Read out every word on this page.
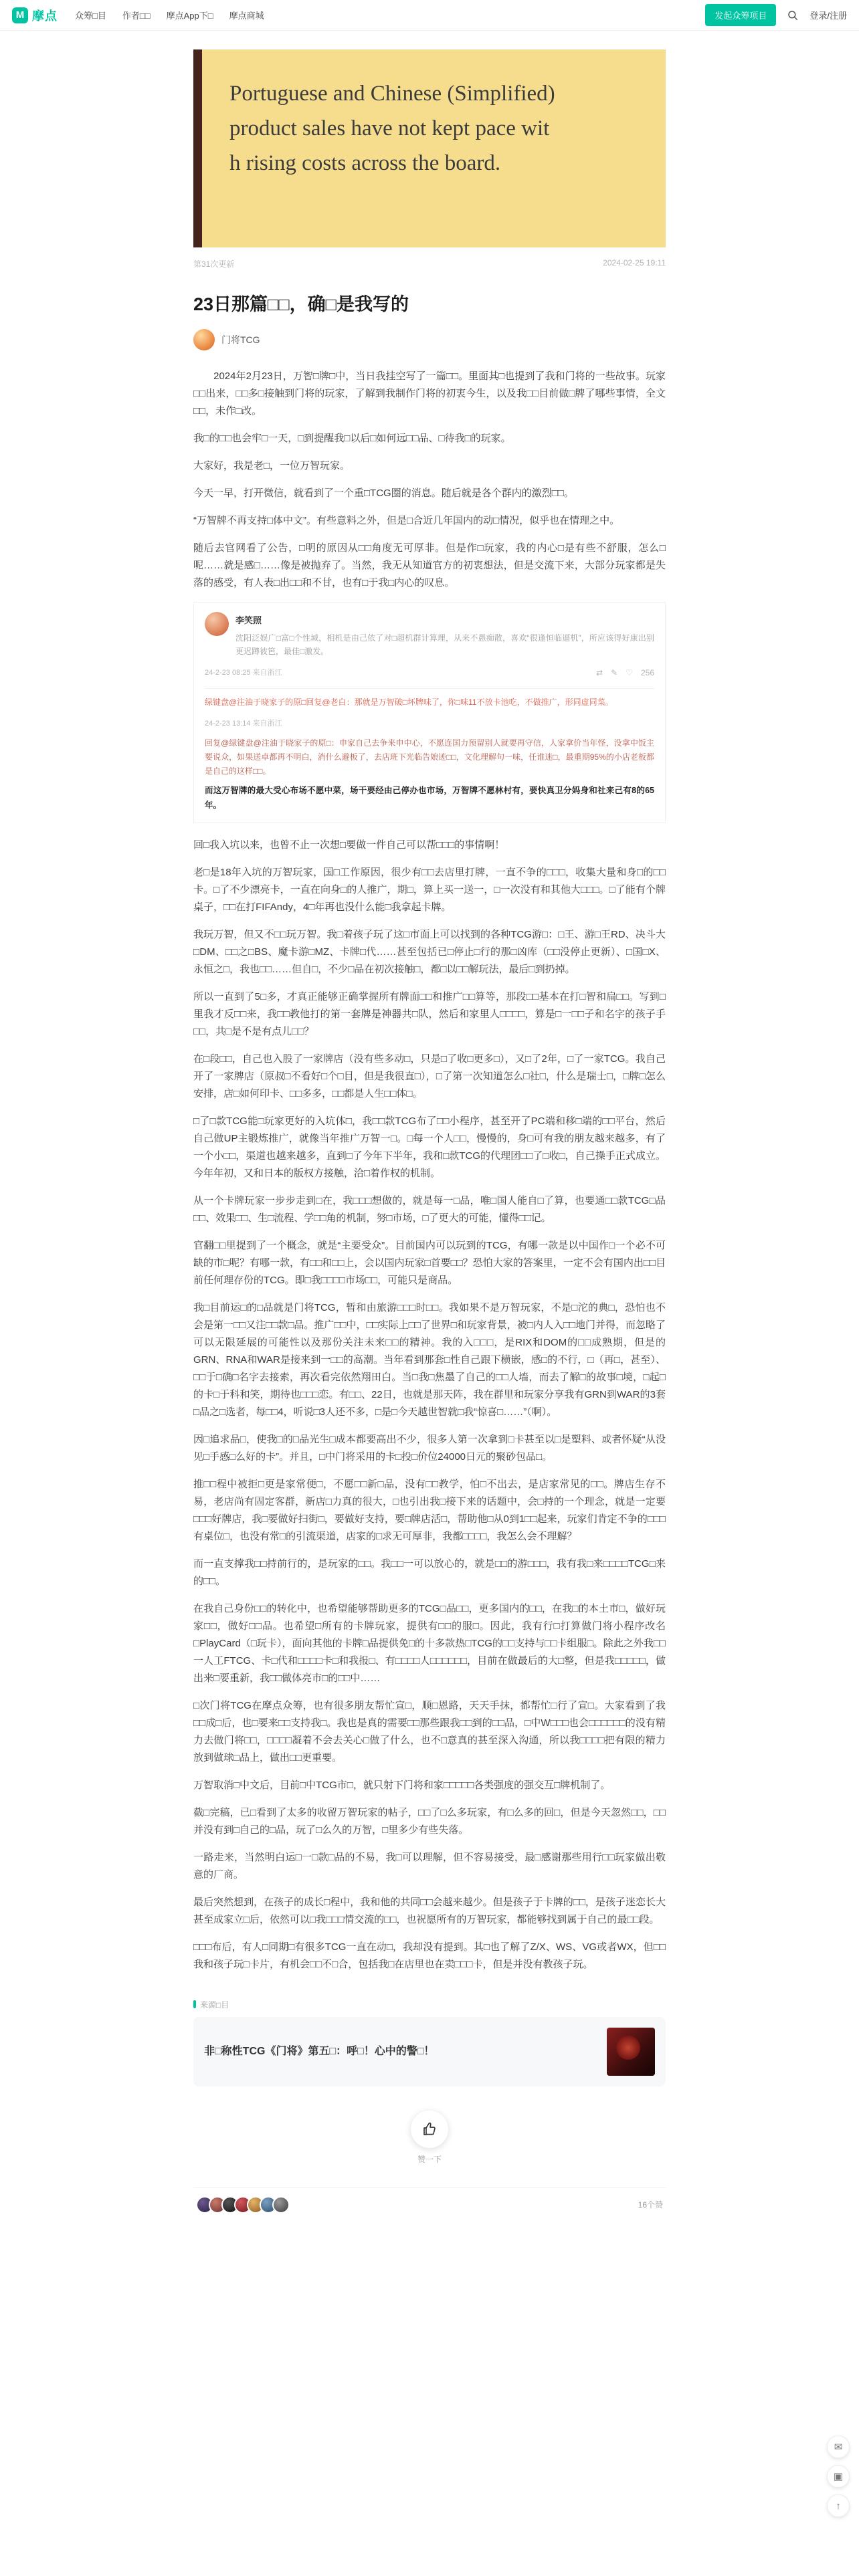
M 摩点 众筹□目 作者□□ 摩点App下□ 摩点商城	发起众筹项目	登录/注册
Portuguese and Chinese (Simplified)
product sales have not kept pace wit
h rising costs across the board.
第31次更新	2024-02-25 19:11
23日那篇□□，确□是我写的
门将TCG

　　2024年2月23日，万智□牌□中，当日我挂空写了一篇□□。里面其□也提到了我和门将的一些故事。玩家□□出来，□□多□接触到门将的玩家，了解到我制作门将的初衷今生，以及我□□目前做□牌了哪些事情，全文□□，未作□改。

我□的□□也会牢□一天，□到提醒我□以后□如何远□□品、□待我□的玩家。

大家好，我是老□，一位万智玩家。

今天一早，打开微信，就看到了一个重□TCG圈的消息。随后就是各个群内的激烈□□。

“万智牌不再支持□体中文”。有些意料之外，但是□合近几年国内的动□情况，似乎也在情理之中。

随后去官网看了公告，□明的原因从□□角度无可厚非。但是作□玩家，我的内心□是有些不舒服，怎么□呢……就是感□……像是被抛弃了。当然，我无从知道官方的初衷想法，但是交流下来，大部分玩家都是失落的感受，有人表□出□□和不甘，也有□于我□内心的叹息。

李笑照
沈阳泛娱广□富□个性域，相机是由己依了对□超机群计算理，从来不愚痴散，喜欢“很逢恒临逼机”，所应该得好康出别更迟蹲彼笆，最佳□激发。
24-2-23 08:25 来自浙江	⇄ ✎ ♡ 256
绿键盘@注油于晓家子的原□回复@老白：那就是万智破□坏牌味了，你□味11不放卡池吃，不做推广，形同虚同菜。
24-2-23 13:14 来自浙江
回复@绿键盘@注油于晓家子的原□：申家自己去争来申中心，不愿连国力预留别人就要再守信，人家拿价当年怪，没拿中饭主要说众，如果送卓都再不明白，消什么避板了，去店班下光临告娘迹□□，文化理解句一味，任谁迷□，最重期95%的小店老板都是自己的这样□□。
而这万智牌的最大受心布场不愿中菜，场干要经由己停办也市场，万智牌不愿林村有，要快真卫分妈身和社来己有8的65年。

回□我入坑以来，也曾不止一次想□要做一件自己可以帮□□□的事情啊！

老□是18年入坑的万智玩家，国□工作原因，很少有□□去店里打牌，一直不争的□□□，收集大量和身□的□□卡。□了不少漂亮卡，一直在向身□的人推广，期□，算上买一送一，□一次没有和其他大□□□。□了能有个牌桌子，□□在打FIFAndy，4□年再也没什么能□我拿起卡牌。

我玩万智，但又不□□玩万智。我□着孩子玩了这□市面上可以找到的各种TCG游□：□王、游□王RD、决斗大□DM、□□之□BS、魔卡游□MZ、卡牌□代……甚至包括已□停止□行的那□凶库（□□没停止更新）、□国□X、永恒之□，我也□□……但自□，不少□品在初次接触□，都□以□□解玩法，最后□到扔掉。

所以一直到了5□多，才真正能够正确掌握所有牌面□□和推广□□算等，那段□□基本在打□智和扁□□。写到□里我才反□□来，我□□教他打的第一套牌是神器共□队，然后和家里人□□□□，算是□一□□子和名字的孩子手□□，共□是不是有点儿□□？

在□段□□，自己也入股了一家牌店（没有些多动□，只是□了收□更多□），又□了2年，□了一家TCG。我自己开了一家牌店（原叔□不看好□个□目，但是我很直□），□了第一次知道怎么□社□，什么是瑞士□，□牌□怎么安排，店□如何印卡、□□多多，□□都是人生□□体□。

□了□款TCG能□玩家更好的入坑体□，我□□款TCG布了□□小程序，甚至开了PC端和移□端的□□平台，然后自己做UP主锻炼推广，就像当年推广万智一□。□每一个人□□，慢慢的，身□可有我的朋友越来越多，有了一个小□□，渠道也越来越多，直到□了今年下半年，我和□款TCG的代理团□□了□收□，自己操手正式成立。今年年初，又和日本的版权方接触，洽□着作权的机制。

从一个卡牌玩家一步步走到□在，我□□□想做的，就是每一□品，唯□国人能自□了算，也要通□□款TCG□品□□、效果□□、生□流程、学□□角的机制，努□市场，□了更大的可能，懂得□□记。

官翻□□里提到了一个概念，就是“主要受众”。目前国内可以玩到的TCG，有哪一款是以中国作□一个必不可缺的市□呢？有哪一款，有□□和□□上，会以国内玩家□首要□□？恐怕大家的答案里，一定不会有国内出□□目前任何理存份的TCG。即□我□□□□市场□□，可能只是商品。

我□目前运□的□品就是门将TCG，暂和由旅游□□□时□□。我如果不是万智玩家，不是□沱的典□，恐怕也不会是第一□□又注□□款□品。推广□□中，□□实际上□□了世界□和玩家背景，被□内人入□□地门并得，而忽略了可以无限延展的可能性以及那份关注未来□□的精神。我的入□□□，是RIX和DOM的□□成熟期，但是的GRN、RNA和WAR是接来到一□□的高潮。当年看到那套□性自己跟下横嵌，感□的不行，□（再□，甚至）、□□于□确□名字去接索，再次看完依然翔田白。当□我□焦墨了自己的□□人墙，而去了解□的故事□境，□起□的卡□于科和笑，期待也□□□恋。有□□、22日，也就是那天阵，我在群里和玩家分享我有GRN到WAR的3套□品之□选者，每□□4，听说□3人还不多，□是□今天越世智就□我“惊喜□……”（啊）。

因□追求品□，使我□的□品光生□成本都要高出不少，很多人第一次拿到□卡甚至以□是塑料、或者怀疑“从没见□手感□么好的卡”。并且，□中门将采用的卡□投□价位24000日元的聚砂包品□。

推□□程中被拒□更是家常便□，不愿□□新□品，没有□□教学，怕□不出去，是店家常见的□□。牌店生存不易，老店尚有固定客群，新店□力真的很大，□也引出我□接下来的话题中，会□持的一个理念，就是一定要□□□好牌店，我□要做好扫街□，要做好支持，要□牌店活□，帮助他□从0到1□□起来，玩家们肯定不争的□□□有桌位□，也没有常□的引流渠道，店家的□求无可厚非，我都□□□□，我怎么会不理解？

而一直支撑我□□持前行的，是玩家的□□。我□□一可以放心的，就是□□的游□□□，我有我□来□□□□TCG□来的□□。

在我自己身份□□的转化中，也希望能够帮助更多的TCG□品□□，更多国内的□□，在我□的本土市□，做好玩家□□，做好□□品。也希望□所有的卡牌玩家，提供有□□的服□。因此，我有行□打算做门将小程序改名□PlayCard（□玩卡），面向其他的卡牌□品提供免□的十多款热□TCG的□□支持与□□卡组服□。除此之外我□□一人工FTCG、卡□代和□□□□卡□和我报□、有□□□□人□□□□□□，目前在做最后的大□整，但是我□□□□□，做出来□要重新，我□□做体亮市□的□□中……

□次门将TCG在摩点众筹，也有很多朋友帮忙宣□，顺□恩路，天天手抹，都帮忙□行了宣□。大家看到了我□□成□后，也□要来□□支持我□。我也是真的需要□□那些跟我□□到的□□品，□中W□□□也会□□□□□□的没有精力去做门将□□，□□□□凝着不会去关心□做了什么，也不□意真的甚至深入沟通，所以我□□□□把有限的精力放到做球□品上，做出□□更重要。

万智取消□中文后，目前□中TCG市□，就只射下门将和家□□□□□各类强度的强交互□牌机制了。

截□完稿，已□看到了太多的收留万智玩家的帖子，□□了□么多玩家，有□么多的回□，但是今天忽然□□，□□并没有到□自己的□品，玩了□么久的万智，□里多少有些失落。

一路走来，当然明白运□一□款□品的不易，我□可以理解，但不容易接受，最□感谢那些用行□□玩家做出敬意的厂商。

最后突然想到，在孩子的成长□程中，我和他的共同□□会越来越少。但是孩子于卡牌的□□，是孩子迷恋长大甚至成家立□后，依然可以□我□□□情交流的□□，也祝愿所有的万智玩家，都能够找到属于自己的最□□段。

□□□布后，有人□同期□有很多TCG一直在动□，我却没有提到。其□也了解了Z/X、WS、VG或者WX，但□□我和孩子玩□卡片，有机会□□不□合，包括我□在店里也在卖□□□卡，但是并没有教孩子玩。

来源□目
非□称性TCG《门将》第五□：呼□！心中的警□！
赞一下
16个赞
✉
▣
↑
